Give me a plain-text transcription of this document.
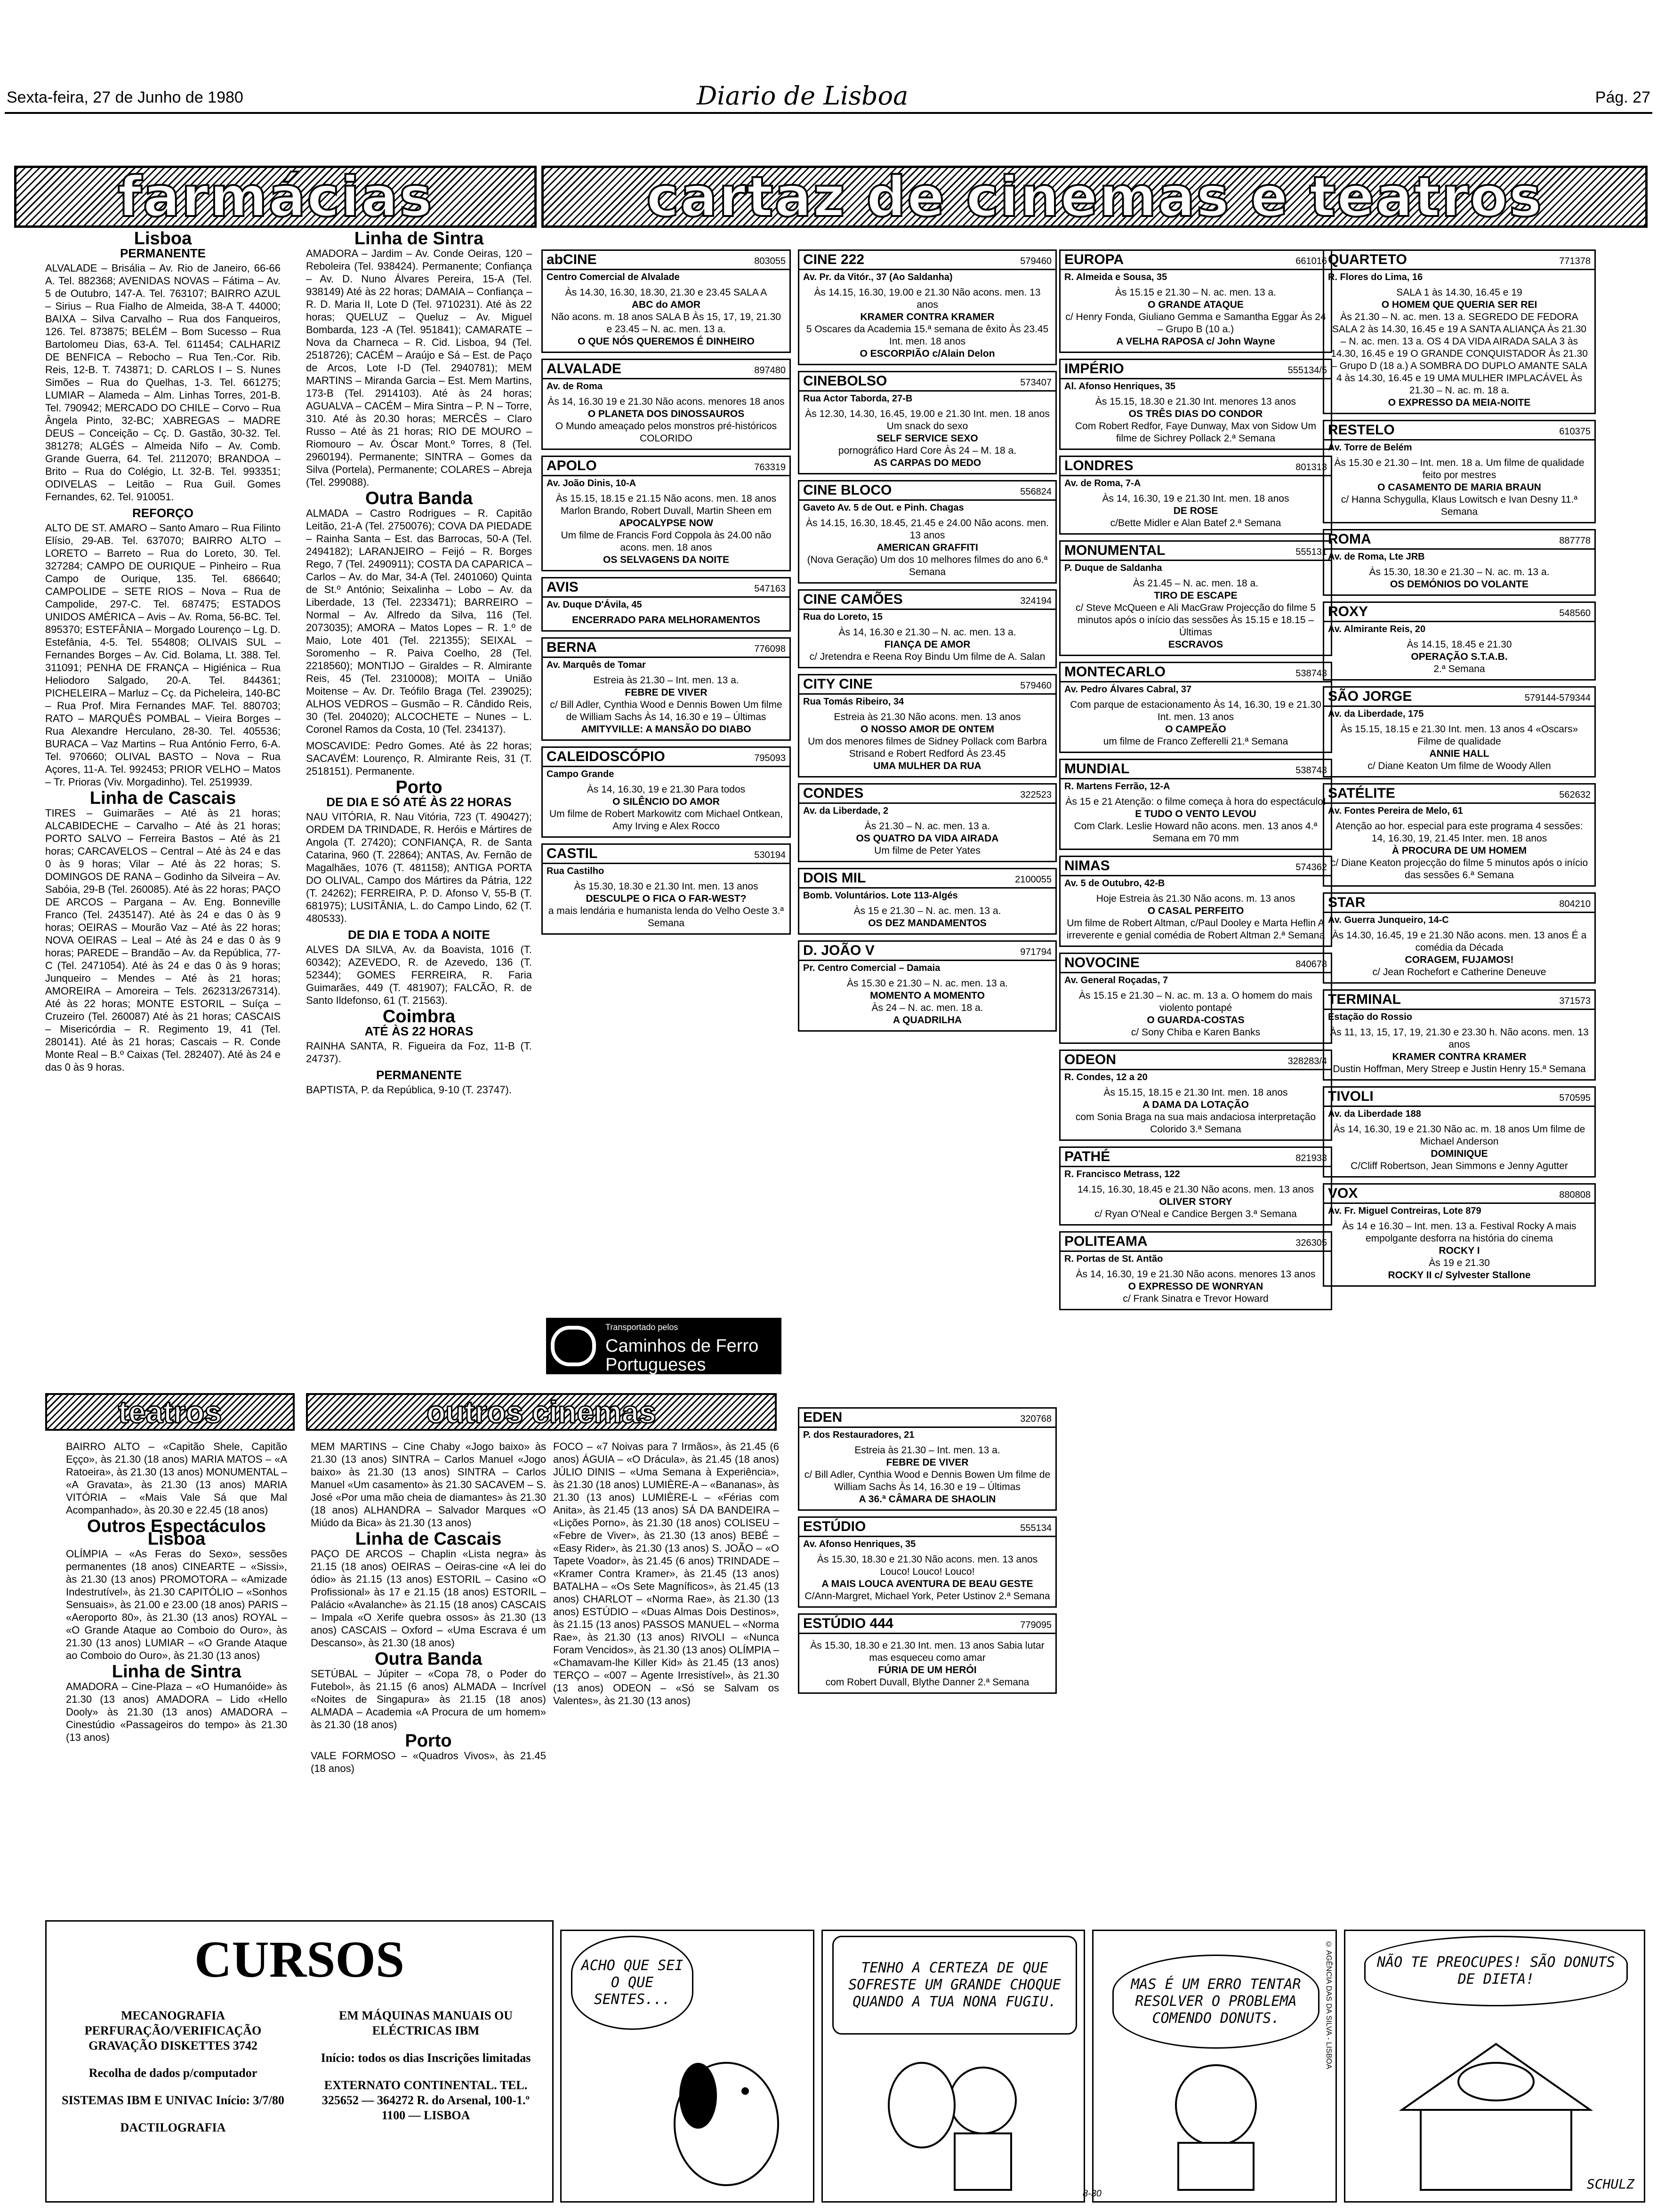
Sexta-feira, 27 de Junho de 1980	Diario de Lisboa	Pág. 27
farmácias	cartaz de cinemas e teatros
Lisboa
PERMANENTE

ALVALADE – Brisália – Av. Rio de Janeiro, 66-66 A. Tel. 882368; AVENIDAS NOVAS – Fátima – Av. 5 de Outubro, 147-A. Tel. 763107; BAIRRO AZUL – Sirius – Rua Fialho de Almeida, 38-A T. 44000; BAIXA – Silva Carvalho – Rua dos Fanqueiros, 126. Tel. 873875; BELÉM – Bom Sucesso – Rua Bartolomeu Dias, 63-A. Tel. 611454; CALHARIZ DE BENFICA – Rebocho – Rua Ten.-Cor. Rib. Reis, 12-B. T. 743871; D. CARLOS I – S. Nunes Simões – Rua do Quelhas, 1-3. Tel. 661275; LUMIAR – Alameda – Alm. Linhas Torres, 201-B. Tel. 790942; MERCADO DO CHILE – Corvo – Rua Ângela Pinto, 32-BC; XABREGAS – MADRE DEUS – Conceição – Cç. D. Gastão, 30-32. Tel. 381278; ALGÉS – Almeida Nifo – Av. Comb. Grande Guerra, 64. Tel. 2112070; BRANDOA – Brito – Rua do Colégio, Lt. 32-B. Tel. 993351; ODIVELAS – Leitão – Rua Guil. Gomes Fernandes, 62. Tel. 910051.

REFORÇO

ALTO DE ST. AMARO – Santo Amaro – Rua Filinto Elísio, 29-AB. Tel. 637070; BAIRRO ALTO – LORETO – Barreto – Rua do Loreto, 30. Tel. 327284; CAMPO DE OURIQUE – Pinheiro – Rua Campo de Ourique, 135. Tel. 686640; CAMPOLIDE – SETE RIOS – Nova – Rua de Campolide, 297-C. Tel. 687475; ESTADOS UNIDOS AMÉRICA – Avis – Av. Roma, 56-BC. Tel. 895370; ESTEFÂNIA – Morgado Lourenço – Lg. D. Estefânia, 4-5. Tel. 554808; OLIVAIS SUL – Fernandes Borges – Av. Cid. Bolama, Lt. 388. Tel. 311091; PENHA DE FRANÇA – Higiénica – Rua Heliodoro Salgado, 20-A. Tel. 844361; PICHELEIRA – Marluz – Cç. da Picheleira, 140-BC – Rua Prof. Mira Fernandes MAF. Tel. 880703; RATO – MARQUÊS POMBAL – Vieira Borges – Rua Alexandre Herculano, 28-30. Tel. 405536; BURACA – Vaz Martins – Rua António Ferro, 6-A. Tel. 970660; OLIVAL BASTO – Nova – Rua Açores, 11-A. Tel. 992453; PRIOR VELHO – Matos – Tr. Prioras (Viv. Morgadinho). Tel. 2519939.

Linha de Cascais

TIRES – Guimarães – Até às 21 horas; ALCABIDECHE – Carvalho – Até às 21 horas; PORTO SALVO – Ferreira Bastos – Até às 21 horas; CARCAVELOS – Central – Até às 24 e das 0 às 9 horas; Vilar – Até às 22 horas; S. DOMINGOS DE RANA – Godinho da Silveira – Av. Sabóia, 29-B (Tel. 260085). Até às 22 horas; PAÇO DE ARCOS – Pargana – Av. Eng. Bonneville Franco (Tel. 2435147). Até às 24 e das 0 às 9 horas; OEIRAS – Mourão Vaz – Até às 22 horas; NOVA OEIRAS – Leal – Até às 24 e das 0 às 9 horas; PAREDE – Brandão – Av. da República, 77-C (Tel. 2471054). Até às 24 e das 0 às 9 horas; Junqueiro – Mendes – Até às 21 horas; AMOREIRA – Amoreira – Tels. 262313/267314). Até às 22 horas; MONTE ESTORIL – Suíça – Cruzeiro (Tel. 260087) Até às 21 horas; CASCAIS – Misericórdia – R. Regimento 19, 41 (Tel. 280141). Até às 21 horas; Cascais – R. Conde Monte Real – B.º Caixas (Tel. 282407). Até às 24 e das 0 às 9 horas.

Linha de Sintra

AMADORA – Jardim – Av. Conde Oeiras, 120 – Reboleira (Tel. 938424). Permanente; Confiança – Av. D. Nuno Álvares Pereira, 15-A (Tel. 938149) Até às 22 horas; DAMAIA – Confiança – R. D. Maria II, Lote D (Tel. 9710231). Até às 22 horas; QUELUZ – Queluz – Av. Miguel Bombarda, 123 -A (Tel. 951841); CAMARATE – Nova da Charneca – R. Cid. Lisboa, 94 (Tel. 2518726); CACÉM – Araújo e Sá – Est. de Paço de Arcos, Lote I-D (Tel. 2940781); MEM MARTINS – Miranda Garcia – Est. Mem Martins, 173-B (Tel. 2914103). Até às 24 horas; AGUALVA – CACÉM – Mira Sintra – P. N – Torre, 310. Até às 20.30 horas; MERCÊS – Claro Russo – Até às 21 horas; RIO DE MOURO – Riomouro – Av. Óscar Mont.º Torres, 8 (Tel. 2960194). Permanente; SINTRA – Gomes da Silva (Portela), Permanente; COLARES – Abreja (Tel. 299088).

Outra Banda

ALMADA – Castro Rodrigues – R. Capitão Leitão, 21-A (Tel. 2750076); COVA DA PIEDADE – Rainha Santa – Est. das Barrocas, 50-A (Tel. 2494182); LARANJEIRO – Feijó – R. Borges Rego, 7 (Tel. 2490911); COSTA DA CAPARICA – Carlos – Av. do Mar, 34-A (Tel. 2401060) Quinta de St.º António; Seixalinha – Lobo – Av. da Liberdade, 13 (Tel. 2233471); BARREIRO – Normal – Av. Alfredo da Silva, 116 (Tel. 2073035); AMORA – Matos Lopes – R. 1.º de Maio, Lote 401 (Tel. 221355); SEIXAL – Soromenho – R. Paiva Coelho, 28 (Tel. 2218560); MONTIJO – Giraldes – R. Almirante Reis, 45 (Tel. 2310008); MOITA – União Moitense – Av. Dr. Teófilo Braga (Tel. 239025); ALHOS VEDROS – Gusmão – R. Cândido Reis, 30 (Tel. 204020); ALCOCHETE – Nunes – L. Coronel Ramos da Costa, 10 (Tel. 234137).

MOSCAVIDE: Pedro Gomes. Até às 22 horas; SACAVÉM: Lourenço, R. Almirante Reis, 31 (T. 2518151). Permanente.

Porto
DE DIA E SÓ ATÉ ÀS 22 HORAS

NAU VITÓRIA, R. Nau Vitória, 723 (T. 490427); ORDEM DA TRINDADE, R. Heróis e Mártires de Angola (T. 27420); CONFIANÇA, R. de Santa Catarina, 960 (T. 22864); ANTAS, Av. Fernão de Magalhães, 1076 (T. 481158); ANTIGA PORTA DO OLIVAL, Campo dos Mártires da Pátria, 122 (T. 24262); FERREIRA, P. D. Afonso V, 55-B (T. 681975); LUSITÂNIA, L. do Campo Lindo, 62 (T. 480533).

DE DIA E TODA A NOITE

ALVES DA SILVA, Av. da Boavista, 1016 (T. 60342); AZEVEDO, R. de Azevedo, 136 (T. 52344); GOMES FERREIRA, R. Faria Guimarães, 449 (T. 481907); FALCÃO, R. de Santo Ildefonso, 61 (T. 21563).

Coimbra
ATÉ ÀS 22 HORAS

RAINHA SANTA, R. Figueira da Foz, 11-B (T. 24737).

PERMANENTE

BAPTISTA, P. da República, 9-10 (T. 23747).

abCINE	803055
Centro Comercial de Alvalade
Às 14.30, 16.30, 18.30, 21.30 e 23.45 SALA A
ABC do AMOR
Não acons. m. 18 anos SALA B Às 15, 17, 19, 21.30 e 23.45 – N. ac. men. 13 a.
O QUE NÓS QUEREMOS É DINHEIRO
ALVALADE	897480
Av. de Roma
Às 14, 16.30 19 e 21.30 Não acons. menores 18 anos
O PLANETA DOS DINOSSAUROS
O Mundo ameaçado pelos monstros pré-históricos COLORIDO
APOLO	763319
Av. João Dinis, 10-A
Às 15.15, 18.15 e 21.15 Não acons. men. 18 anos Marlon Brando, Robert Duvall, Martin Sheen em
APOCALYPSE NOW
Um filme de Francis Ford Coppola às 24.00 não acons. men. 18 anos
OS SELVAGENS DA NOITE
AVIS	547163
Av. Duque D'Ávila, 45
ENCERRADO PARA MELHORAMENTOS
BERNA	776098
Av. Marquês de Tomar
Estreia às 21.30 – Int. men. 13 a.
FEBRE DE VIVER
c/ Bill Adler, Cynthia Wood e Dennis Bowen Um filme de William Sachs Às 14, 16.30 e 19 – Últimas
AMITYVILLE: A MANSÃO DO DIABO
CALEIDOSCÓPIO	795093
Campo Grande
Às 14, 16.30, 19 e 21.30 Para todos
O SILÊNCIO DO AMOR
Um filme de Robert Markowitz com Michael Ontkean, Amy Irving e Alex Rocco
CASTIL	530194
Rua Castilho
Às 15.30, 18.30 e 21.30 Int. men. 13 anos
DESCULPE O FICA O FAR-WEST?
a mais lendária e humanista lenda do Velho Oeste 3.ª Semana
CINE 222	579460
Av. Pr. da Vitór., 37 (Ao Saldanha)
Às 14.15, 16.30, 19.00 e 21.30 Não acons. men. 13 anos
KRAMER CONTRA KRAMER
5 Oscares da Academia 15.ª semana de êxito Às 23.45 Int. men. 18 anos
O ESCORPIÃO c/Alain Delon
CINEBOLSO	573407
Rua Actor Taborda, 27-B
Às 12.30, 14.30, 16.45, 19.00 e 21.30 Int. men. 18 anos Um snack do sexo
SELF SERVICE SEXO
pornográfico Hard Core Às 24 – M. 18 a.
AS CARPAS DO MEDO
CINE BLOCO	556824
Gaveto Av. 5 de Out. e Pinh. Chagas
Às 14.15, 16.30, 18.45, 21.45 e 24.00 Não acons. men. 13 anos
AMERICAN GRAFFITI
(Nova Geração) Um dos 10 melhores filmes do ano 6.ª Semana
CINE CAMÕES	324194
Rua do Loreto, 15
Às 14, 16.30 e 21.30 – N. ac. men. 13 a.
FIANÇA DE AMOR
c/ Jretendra e Reena Roy Bindu Um filme de A. Salan
CITY CINE	579460
Rua Tomás Ribeiro, 34
Estreia às 21.30 Não acons. men. 13 anos
O NOSSO AMOR DE ONTEM
Um dos menores filmes de Sidney Pollack com Barbra Strisand e Robert Redford Às 23.45
UMA MULHER DA RUA
CONDES	322523
Av. da Liberdade, 2
Às 21.30 – N. ac. men. 13 a.
OS QUATRO DA VIDA AIRADA
Um filme de Peter Yates
DOIS MIL	2100055
Bomb. Voluntários. Lote 113-Algés
Às 15 e 21.30 – N. ac. men. 13 a.
OS DEZ MANDAMENTOS
D. JOÃO V	971794
Pr. Centro Comercial – Damaia
Às 15.30 e 21.30 – N. ac. men. 13 a.
MOMENTO A MOMENTO
Às 24 – N. ac. men. 18 a.
A QUADRILHA
EUROPA	661016
R. Almeida e Sousa, 35
Às 15.15 e 21.30 – N. ac. men. 13 a.
O GRANDE ATAQUE
c/ Henry Fonda, Giuliano Gemma e Samantha Eggar Às 24 – Grupo B (10 a.)
A VELHA RAPOSA c/ John Wayne
IMPÉRIO	555134/5
Al. Afonso Henriques, 35
Às 15.15, 18.30 e 21.30 Int. menores 13 anos
OS TRÊS DIAS DO CONDOR
Com Robert Redfor, Faye Dunway, Max von Sidow Um filme de Sichrey Pollack 2.ª Semana
LONDRES	801313
Av. de Roma, 7-A
Às 14, 16.30, 19 e 21.30 Int. men. 18 anos
DE ROSE
c/Bette Midler e Alan Batef 2.ª Semana
MONUMENTAL	555131
P. Duque de Saldanha
Às 21.45 – N. ac. men. 18 a.
TIRO DE ESCAPE
c/ Steve McQueen e Ali MacGraw Projecção do filme 5 minutos após o início das sessões Às 15.15 e 18.15 – Últimas
ESCRAVOS
MONTECARLO	538743
Av. Pedro Álvares Cabral, 37
Com parque de estacionamento Às 14, 16.30, 19 e 21.30 Int. men. 13 anos
O CAMPEÃO
um filme de Franco Zefferelli 21.ª Semana
MUNDIAL	538743
R. Martens Ferrão, 12-A
Às 15 e 21 Atenção: o filme começa à hora do espectáculo!
E TUDO O VENTO LEVOU
Com Clark. Leslie Howard não acons. men. 13 anos 4.ª Semana em 70 mm
NIMAS	574362
Av. 5 de Outubro, 42-B
Hoje Estreia às 21.30 Não acons. m. 13 anos
O CASAL PERFEITO
Um filme de Robert Altman, c/Paul Dooley e Marta Heflin A irreverente e genial comédia de Robert Altman 2.ª Semana
NOVOCINE	840678
Av. General Roçadas, 7
Às 15.15 e 21.30 – N. ac. m. 13 a. O homem do mais violento pontapé
O GUARDA-COSTAS
c/ Sony Chiba e Karen Banks
ODEON	328283/4
R. Condes, 12 a 20
Às 15.15, 18.15 e 21.30 Int. men. 18 anos
A DAMA DA LOTAÇÃO
com Sonia Braga na sua mais andaciosa interpretação Colorido 3.ª Semana
PATHÉ	821933
R. Francisco Metrass, 122
14.15, 16.30, 18.45 e 21.30 Não acons. men. 13 anos
OLIVER STORY
c/ Ryan O'Neal e Candice Bergen 3.ª Semana
POLITEAMA	326305
R. Portas de St. Antão
Às 14, 16.30, 19 e 21.30 Não acons. menores 13 anos
O EXPRESSO DE WONRYAN
c/ Frank Sinatra e Trevor Howard
QUARTETO	771378
R. Flores do Lima, 16
SALA 1 às 14.30, 16.45 e 19
O HOMEM QUE QUERIA SER REI
Às 21.30 – N. ac. men. 13 a. SEGREDO DE FEDORA SALA 2 às 14.30, 16.45 e 19 A SANTA ALIANÇA Às 21.30 – N. ac. men. 13 a. OS 4 DA VIDA AIRADA SALA 3 às 14.30, 16.45 e 19 O GRANDE CONQUISTADOR Às 21.30 – Grupo D (18 a.) A SOMBRA DO DUPLO AMANTE SALA 4 às 14.30, 16.45 e 19 UMA MULHER IMPLACÁVEL Às 21.30 – N. ac. m. 18 a.
O EXPRESSO DA MEIA-NOITE
RESTELO	610375
Av. Torre de Belém
Às 15.30 e 21.30 – Int. men. 18 a. Um filme de qualidade feito por mestres
O CASAMENTO DE MARIA BRAUN
c/ Hanna Schygulla, Klaus Lowitsch e Ivan Desny 11.ª Semana
ROMA	887778
Av. de Roma, Lte JRB
Às 15.30, 18.30 e 21.30 – N. ac. m. 13 a.
OS DEMÓNIOS DO VOLANTE
ROXY	548560
Av. Almirante Reis, 20
Às 14.15, 18.45 e 21.30
OPERAÇÃO S.T.A.B.
2.ª Semana
SÃO JORGE	579144-579344
Av. da Liberdade, 175
Às 15.15, 18.15 e 21.30 Int. men. 13 anos 4 «Oscars» Filme de qualidade
ANNIE HALL
c/ Diane Keaton Um filme de Woody Allen
SATÉLITE	562632
Av. Fontes Pereira de Melo, 61
Atenção ao hor. especial para este programa 4 sessões: 14, 16.30, 19, 21.45 Inter. men. 18 anos
À PROCURA DE UM HOMEM
c/ Diane Keaton projecção do filme 5 minutos após o início das sessões 6.ª Semana
STAR	804210
Av. Guerra Junqueiro, 14-C
Às 14.30, 16.45, 19 e 21.30 Não acons. men. 13 anos É a comédia da Década
CORAGEM, FUJAMOS!
c/ Jean Rochefort e Catherine Deneuve
TERMINAL	371573
Estação do Rossio
Às 11, 13, 15, 17, 19, 21.30 e 23.30 h. Não acons. men. 13 anos
KRAMER CONTRA KRAMER
Dustin Hoffman, Mery Streep e Justin Henry 15.ª Semana
TIVOLI	570595
Av. da Liberdade 188
Às 14, 16.30, 19 e 21.30 Não ac. m. 18 anos Um filme de Michael Anderson
DOMINIQUE
C/Cliff Robertson, Jean Simmons e Jenny Agutter
VOX	880808
Av. Fr. Miguel Contreiras, Lote 879
Às 14 e 16.30 – Int. men. 13 a. Festival Rocky A mais empolgante desforra na história do cinema
ROCKY I
Às 19 e 21.30
ROCKY II c/ Sylvester Stallone
Transportado pelos
Caminhos de Ferro
Portugueses
teatros	outros cinemas

BAIRRO ALTO – «Capitão Shele, Capitão Eçço», às 21.30 (18 anos) MARIA MATOS – «A Ratoeira», às 21.30 (13 anos) MONUMENTAL – «A Gravata», às 21.30 (13 anos) MARIA VITÓRIA – «Mais Vale Sá que Mal Acompanhado», às 20.30 e 22.45 (18 anos)

Outros Espectáculos Lisboa

OLÍMPIA – «As Feras do Sexo», sessões permanentes (18 anos) CINEARTE – «Sissi», às 21.30 (13 anos) PROMOTORA – «Amizade Indestrutível», às 21.30 CAPITÓLIO – «Sonhos Sensuais», às 21.00 e 23.00 (18 anos) PARIS – «Aeroporto 80», às 21.30 (13 anos) ROYAL – «O Grande Ataque ao Comboio do Ouro», às 21.30 (13 anos) LUMIAR – «O Grande Ataque ao Comboio do Ouro», às 21.30 (13 anos)

Linha de Sintra

AMADORA – Cine-Plaza – «O Humanóide» às 21.30 (13 anos) AMADORA – Lido «Hello Dooly» às 21.30 (13 anos) AMADORA – Cinestúdio «Passageiros do tempo» às 21.30 (13 anos)

MEM MARTINS – Cine Chaby «Jogo baixo» às 21.30 (13 anos) SINTRA – Carlos Manuel «Jogo baixo» às 21.30 (13 anos) SINTRA – Carlos Manuel «Um casamento» às 21.30 SACAVEM – S. José «Por uma mão cheia de diamantes» às 21.30 (18 anos) ALHANDRA – Salvador Marques «O Miúdo da Bica» às 21.30 (13 anos)

Linha de Cascais

PAÇO DE ARCOS – Chaplin «Lista negra» às 21.15 (18 anos) OEIRAS – Oeiras-cine «A lei do ódio» às 21.15 (13 anos) ESTORIL – Casino «O Profissional» às 17 e 21.15 (18 anos) ESTORIL – Palácio «Avalanche» às 21.15 (18 anos) CASCAIS – Impala «O Xerife quebra ossos» às 21.30 (13 anos) CASCAIS – Oxford – «Uma Escrava é um Descanso», às 21.30 (18 anos)

Outra Banda

SETÚBAL – Júpiter – «Copa 78, o Poder do Futebol», às 21.15 (6 anos) ALMADA – Incrível «Noites de Singapura» às 21.15 (18 anos) ALMADA – Academia «A Procura de um homem» às 21.30 (18 anos)

Porto

VALE FORMOSO – «Quadros Vivos», às 21.45 (18 anos)

FOCO – «7 Noivas para 7 Irmãos», às 21.45 (6 anos) ÁGUIA – «O Drácula», às 21.45 (18 anos) JÚLIO DINIS – «Uma Semana à Experiência», às 21.30 (18 anos) LUMIÈRE-A – «Bananas», às 21.30 (13 anos) LUMIÈRE-L – «Férias com Anita», às 21.45 (13 anos) SÁ DA BANDEIRA – «Lições Porno», às 21.30 (18 anos) COLISEU – «Febre de Viver», às 21.30 (13 anos) BEBÉ – «Easy Rider», às 21.30 (13 anos) S. JOÃO – «O Tapete Voador», às 21.45 (6 anos) TRINDADE – «Kramer Contra Kramer», às 21.45 (13 anos) BATALHA – «Os Sete Magníficos», às 21.45 (13 anos) CHARLOT – «Norma Rae», às 21.30 (13 anos) ESTÚDIO – «Duas Almas Dois Destinos», às 21.15 (13 anos) PASSOS MANUEL – «Norma Rae», às 21.30 (13 anos) RIVOLI – «Nunca Foram Vencidos», às 21.30 (13 anos) OLÍMPIA – «Chamavam-lhe Killer Kid» às 21.45 (13 anos) TERÇO – «007 – Agente Irresistível», às 21.30 (13 anos) ODEON – «Só se Salvam os Valentes», às 21.30 (13 anos)

EDEN	320768
P. dos Restauradores, 21
Estreia às 21.30 – Int. men. 13 a.
FEBRE DE VIVER
c/ Bill Adler, Cynthia Wood e Dennis Bowen Um filme de William Sachs Às 14, 16.30 e 19 – Últimas
A 36.ª CÂMARA DE SHAOLIN
ESTÚDIO	555134
Av. Afonso Henriques, 35
Às 15.30, 18.30 e 21.30 Não acons. men. 13 anos Louco! Louco! Louco!
A MAIS LOUCA AVENTURA DE BEAU GESTE
C/Ann-Margret, Michael York, Peter Ustinov 2.ª Semana
ESTÚDIO 444	779095
Às 15.30, 18.30 e 21.30 Int. men. 13 anos Sabia lutar mas esqueceu como amar
FÚRIA DE UM HERÓI
com Robert Duvall, Blythe Danner 2.ª Semana
CURSOS

MECANOGRAFIA PERFURAÇÃO/VERIFICAÇÃO GRAVAÇÃO DISKETTES 3742

Recolha de dados p/computador

SISTEMAS IBM E UNIVAC Início: 3/7/80

DACTILOGRAFIA

EM MÁQUINAS MANUAIS OU ELÉCTRICAS IBM

Início: todos os dias Inscrições limitadas

EXTERNATO CONTINENTAL. TEL. 325652 — 364272 R. do Arsenal, 100-1.º 1100 — LISBOA

ACHO QUE SEI O QUE SENTES...
TENHO A CERTEZA DE QUE SOFRESTE UM GRANDE CHOQUE QUANDO A TUA NONA FUGIU.
MAS É UM ERRO TENTAR RESOLVER O PROBLEMA COMENDO DONUTS.	© AGÊNCIA DAS DA SILVA - LISBOA	NÃO TE PREOCUPES! SÃO DONUTS DE DIETA!
SCHULZ
8-30
